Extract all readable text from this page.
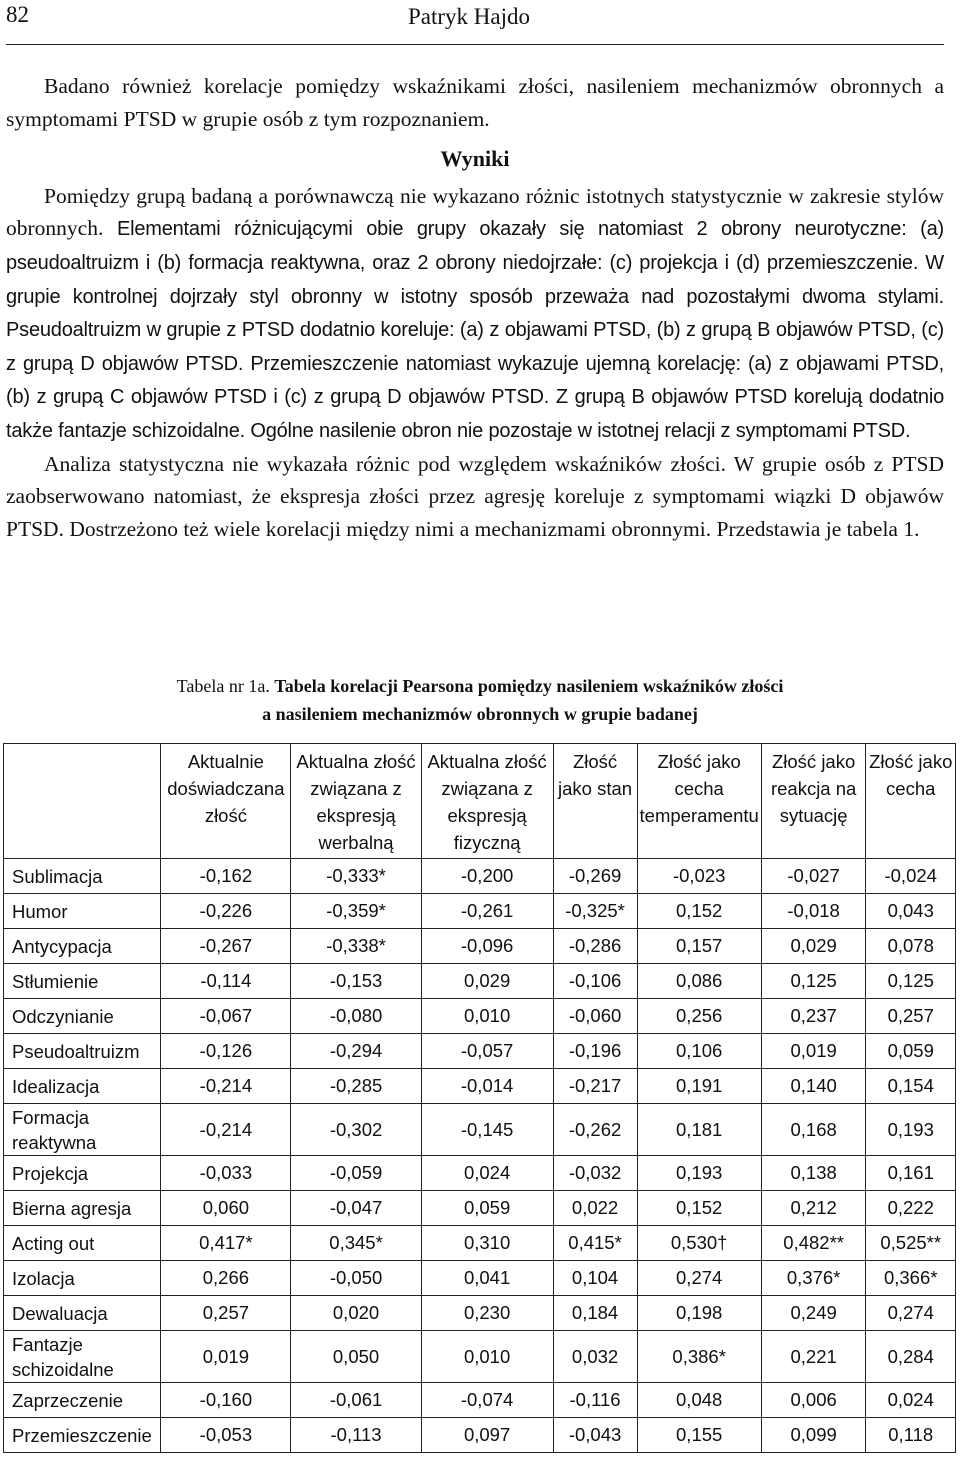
82	Patryk Hajdo

Badano również korelacje pomiędzy wskaźnikami złości, nasileniem mechanizmów obronnych a symptomami PTSD w grupie osób z tym rozpoznaniem.

Wyniki

Pomiędzy grupą badaną a porównawczą nie wykazano różnic istotnych statystycznie w zakresie stylów obronnych. Elementami różnicującymi obie grupy okazały się natomiast 2 obrony neurotyczne: (a) pseudoaltruizm i (b) formacja reaktywna, oraz 2 obrony niedojrzałe: (c) projekcja i (d) przemieszczenie. W grupie kontrolnej dojrzały styl obronny w istotny sposób przeważa nad pozostałymi dwoma stylami. Pseudoaltruizm w grupie z PTSD dodatnio koreluje: (a) z objawami PTSD, (b) z grupą B objawów PTSD, (c) z grupą D objawów PTSD. Przemieszczenie natomiast wykazuje ujemną korelację: (a) z objawami PTSD, (b) z grupą C objawów PTSD i (c) z grupą D objawów PTSD. Z grupą B objawów PTSD korelują dodatnio także fantazje schizoidalne. Ogólne nasilenie obron nie pozostaje w istotnej relacji z symptomami PTSD.

Analiza statystyczna nie wykazała różnic pod względem wskaźników złości. W grupie osób z PTSD zaobserwowano natomiast, że ekspresja złości przez agresję koreluje z symptomami wiązki D objawów PTSD. Dostrzeżono też wiele korelacji między nimi a mechanizmami obronnymi. Przedstawia je tabela 1.

Tabela nr 1a. Tabela korelacji Pearsona pomiędzy nasileniem wskaźników złości
a nasileniem mechanizmów obronnych w grupie badanej
	Aktualnie doświadczana złość	Aktualna złość związana z ekspresją werbalną	Aktualna złość związana z ekspresją fizyczną	Złość jako stan	Złość jako cecha temperamentu	Złość jako reakcja na sytuację	Złość jako cecha
Sublimacja	-0,162	-0,333*	-0,200	-0,269	-0,023	-0,027	-0,024
Humor	-0,226	-0,359*	-0,261	-0,325*	0,152	-0,018	0,043
Antycypacja	-0,267	-0,338*	-0,096	-0,286	0,157	0,029	0,078
Stłumienie	-0,114	-0,153	0,029	-0,106	0,086	0,125	0,125
Odczynianie	-0,067	-0,080	0,010	-0,060	0,256	0,237	0,257
Pseudoaltruizm	-0,126	-0,294	-0,057	-0,196	0,106	0,019	0,059
Idealizacja	-0,214	-0,285	-0,014	-0,217	0,191	0,140	0,154
Formacja reaktywna	-0,214	-0,302	-0,145	-0,262	0,181	0,168	0,193
Projekcja	-0,033	-0,059	0,024	-0,032	0,193	0,138	0,161
Bierna agresja	0,060	-0,047	0,059	0,022	0,152	0,212	0,222
Acting out	0,417*	0,345*	0,310	0,415*	0,530†	0,482**	0,525**
Izolacja	0,266	-0,050	0,041	0,104	0,274	0,376*	0,366*
Dewaluacja	0,257	0,020	0,230	0,184	0,198	0,249	0,274
Fantazje schizoidalne	0,019	0,050	0,010	0,032	0,386*	0,221	0,284
Zaprzeczenie	-0,160	-0,061	-0,074	-0,116	0,048	0,006	0,024
Przemieszczenie	-0,053	-0,113	0,097	-0,043	0,155	0,099	0,118
